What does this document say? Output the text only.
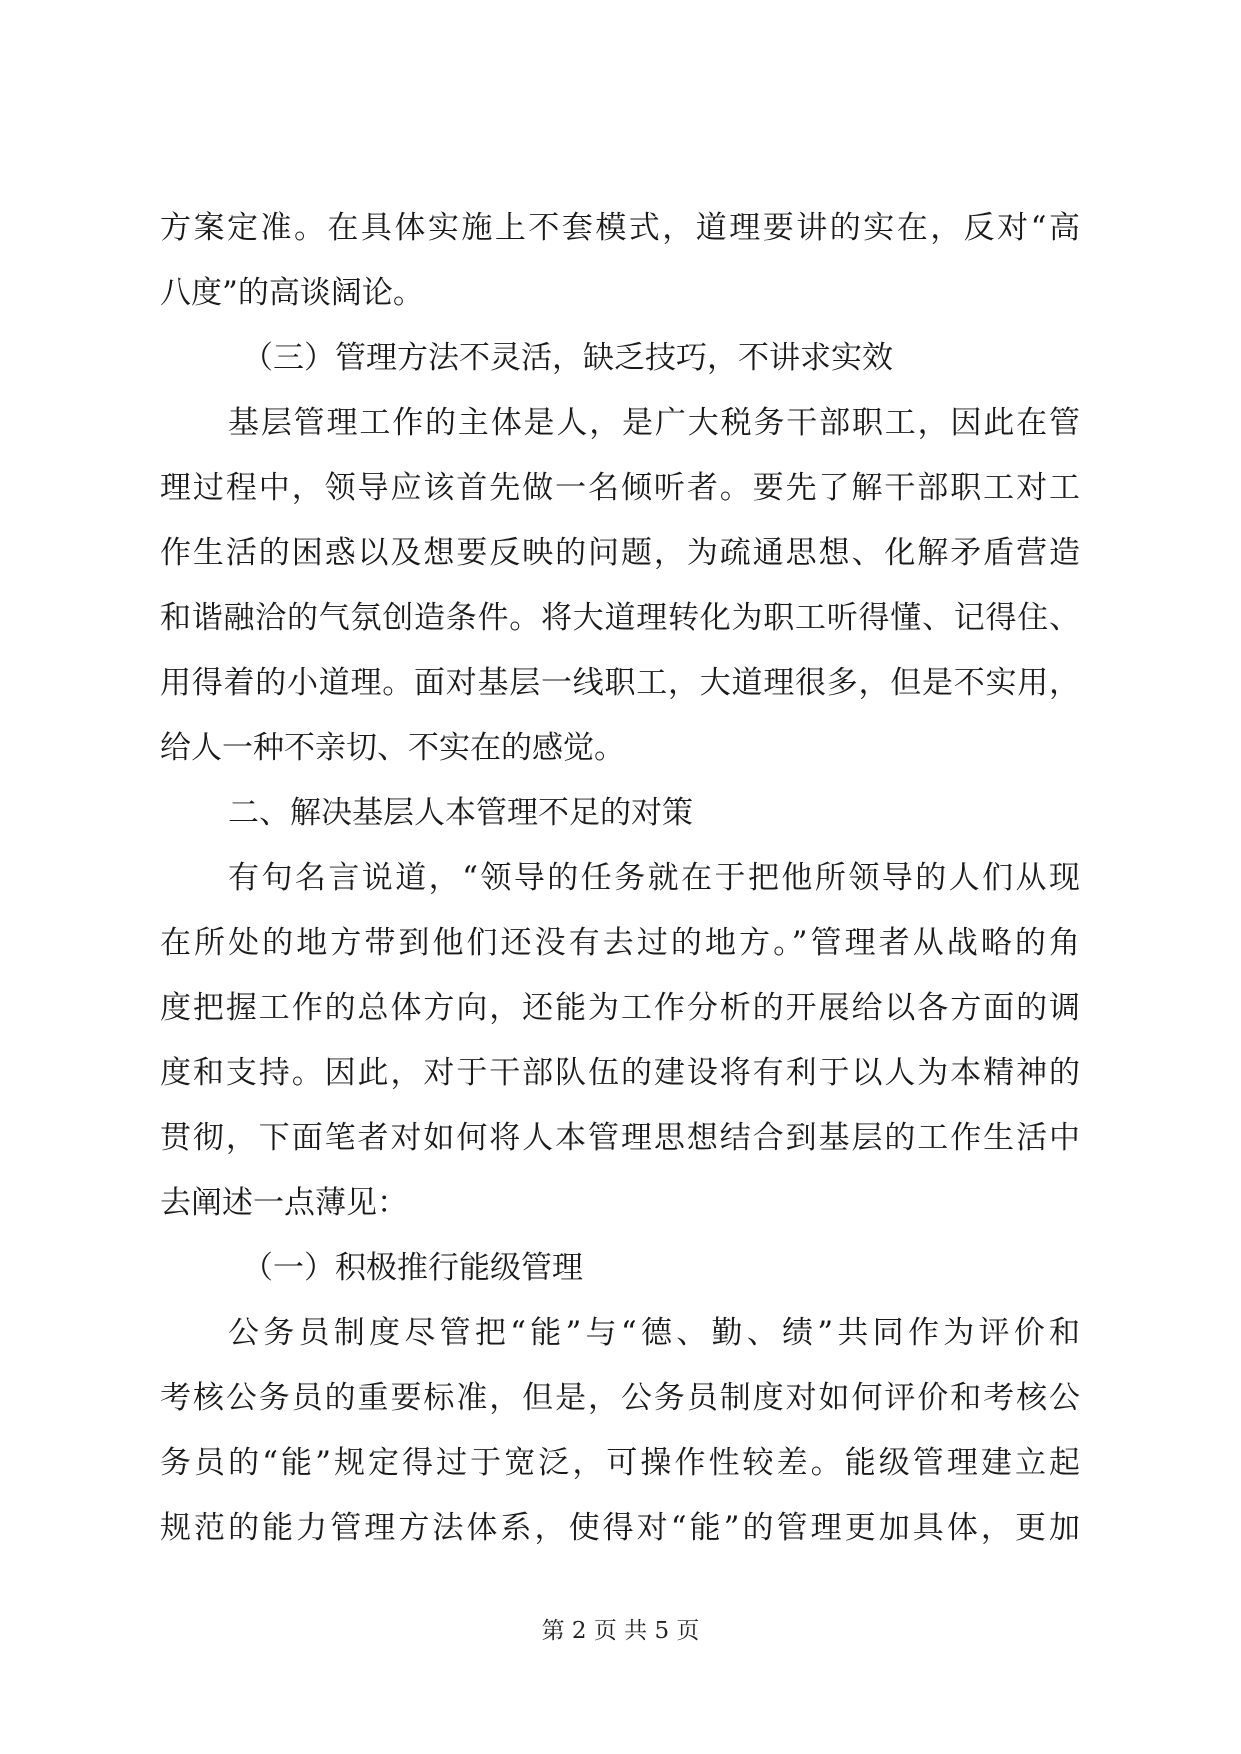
方案定准。在具体实施上不套模式，道理要讲的实在，反对“高
八度”的高谈阔论。
（三）管理方法不灵活，缺乏技巧，不讲求实效
基层管理工作的主体是人，是广大税务干部职工，因此在管
理过程中，领导应该首先做一名倾听者。要先了解干部职工对工
作生活的困惑以及想要反映的问题，为疏通思想、化解矛盾营造
和谐融洽的气氛创造条件。将大道理转化为职工听得懂、记得住、
用得着的小道理。面对基层一线职工，大道理很多，但是不实用，
给人一种不亲切、不实在的感觉。
二、解决基层人本管理不足的对策
有句名言说道，“领导的任务就在于把他所领导的人们从现
在所处的地方带到他们还没有去过的地方。”管理者从战略的角
度把握工作的总体方向，还能为工作分析的开展给以各方面的调
度和支持。因此，对于干部队伍的建设将有利于以人为本精神的
贯彻，下面笔者对如何将人本管理思想结合到基层的工作生活中
去阐述一点薄见：
（一）积极推行能级管理
公务员制度尽管把“能”与“德、勤、绩”共同作为评价和
考核公务员的重要标准，但是，公务员制度对如何评价和考核公
务员的“能”规定得过于宽泛，可操作性较差。能级管理建立起
规范的能力管理方法体系，使得对“能”的管理更加具体，更加
第 2 页 共 5 页
